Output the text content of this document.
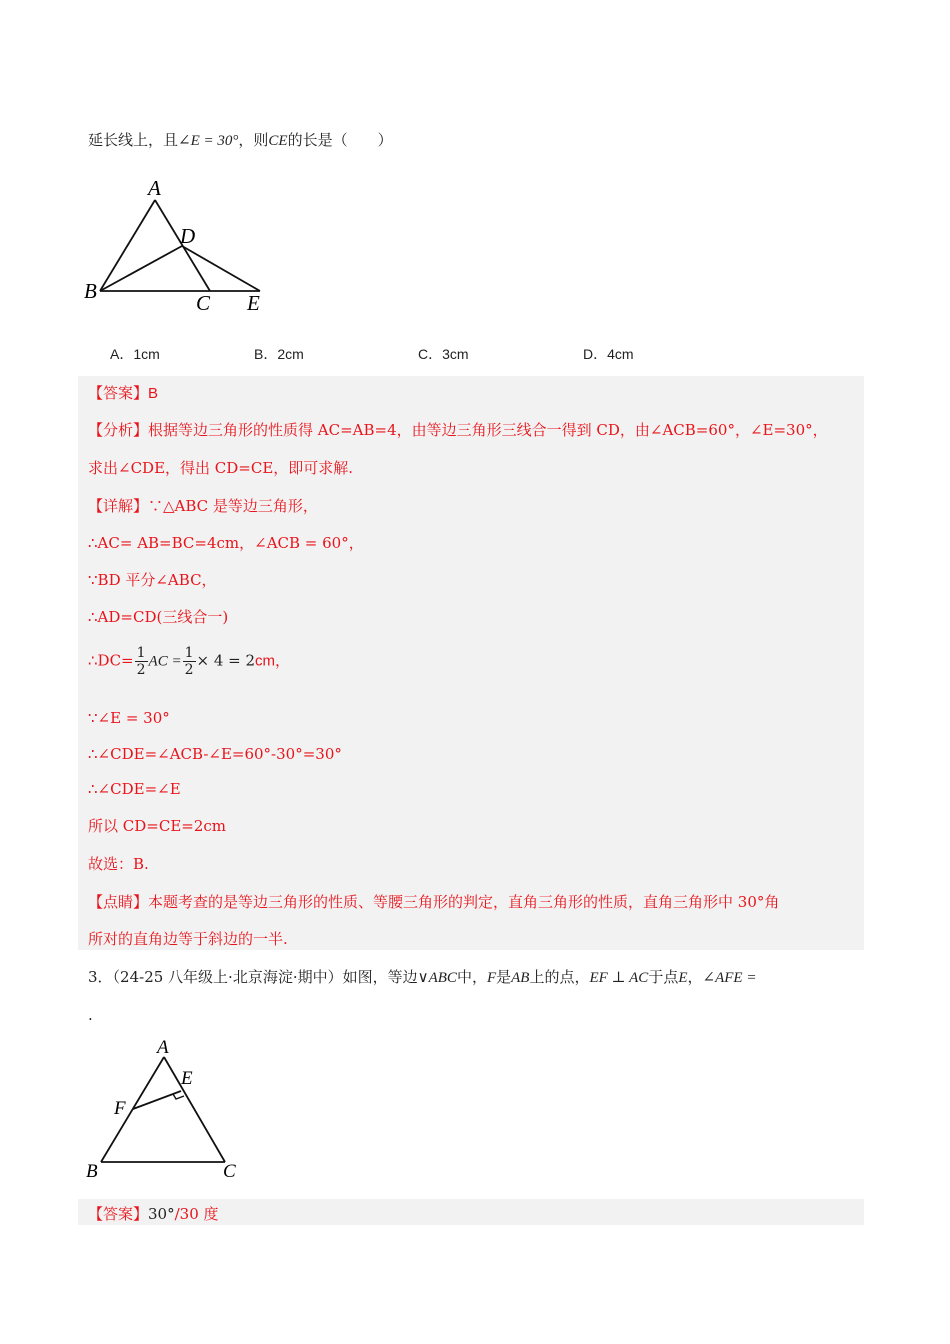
延长线上，且∠E = 30°，则CE的长是（　　）
A
B	C
D
E
A．1cm	B．2cm	C．3cm	D．4cm
【答案】B
【分析】根据等边三角形的性质得 AC=AB=4，由等边三角形三线合一得到 CD，由∠ACB=60°，∠E=30°，
求出∠CDE，得出 CD=CE，即可求解.
【详解】∵△ABC 是等边三角形，
∴AC= AB=BC=4cm，∠ACB = 60°，
∵BD 平分∠ABC，
∴AD=CD(三线合一)
∴DC= $\frac{1}{2}$ AC = $\frac{1}{2} \times 4 = 2cm$，
∵∠E = 30°
∴∠CDE=∠ACB-∠E=60°-30°=30°
∴∠CDE=∠E
所以 CD=CE=2cm
故选：B.
【点睛】本题考查的是等边三角形的性质、等腰三角形的判定，直角三角形的性质，直角三角形中 30°角
所对的直角边等于斜边的一半.
3．（24-25 八年级上·北京海淀·期中）如图，等边∨ABC中，F是AB上的点，EF ⊥ AC于点E，∠AFE =
.
A
B	C
E
F
【答案】30°/30 度
